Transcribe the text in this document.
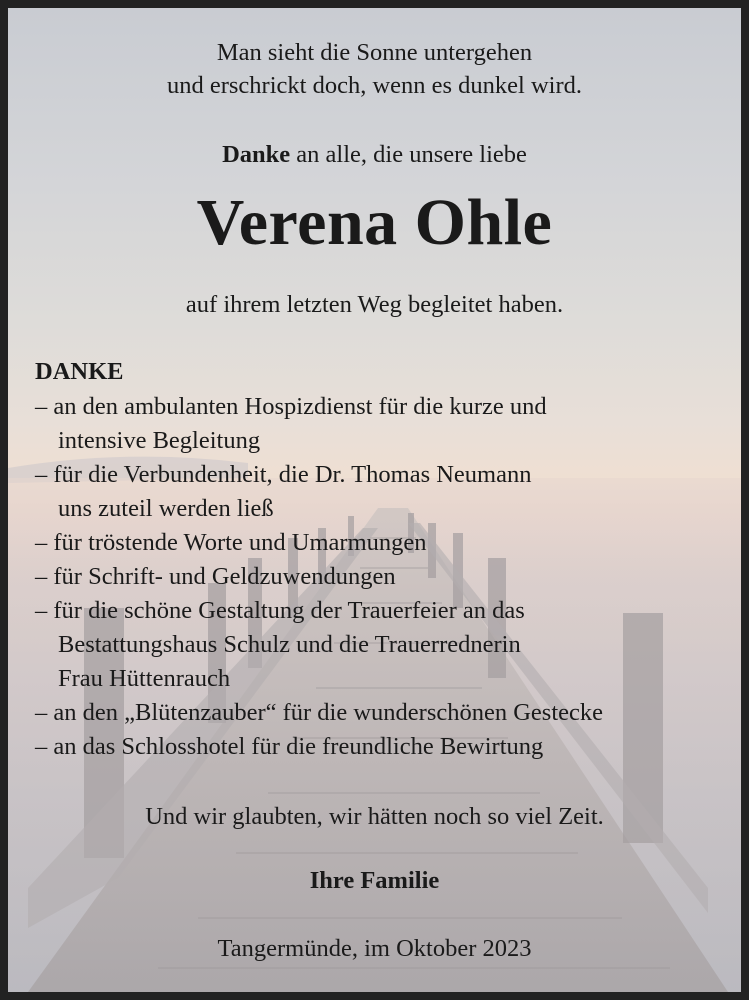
Man sieht die Sonne untergehen
und erschrickt doch, wenn es dunkel wird.
Danke an alle, die unsere liebe
Verena Ohle
auf ihrem letzten Weg begleitet haben.
DANKE
– an den ambulanten Hospizdienst für die kurze und
intensive Begleitung
– für die Verbundenheit, die Dr. Thomas Neumann
uns zuteil werden ließ
– für tröstende Worte und Umarmungen
– für Schrift- und Geldzuwendungen
– für die schöne Gestaltung der Trauerfeier an das
Bestattungshaus Schulz und die Trauerrednerin
Frau Hüttenrauch
– an den „Blütenzauber“ für die wunderschönen Gestecke
– an das Schlosshotel für die freundliche Bewirtung
Und wir glaubten, wir hätten noch so viel Zeit.
Ihre Familie
Tangermünde, im Oktober 2023
